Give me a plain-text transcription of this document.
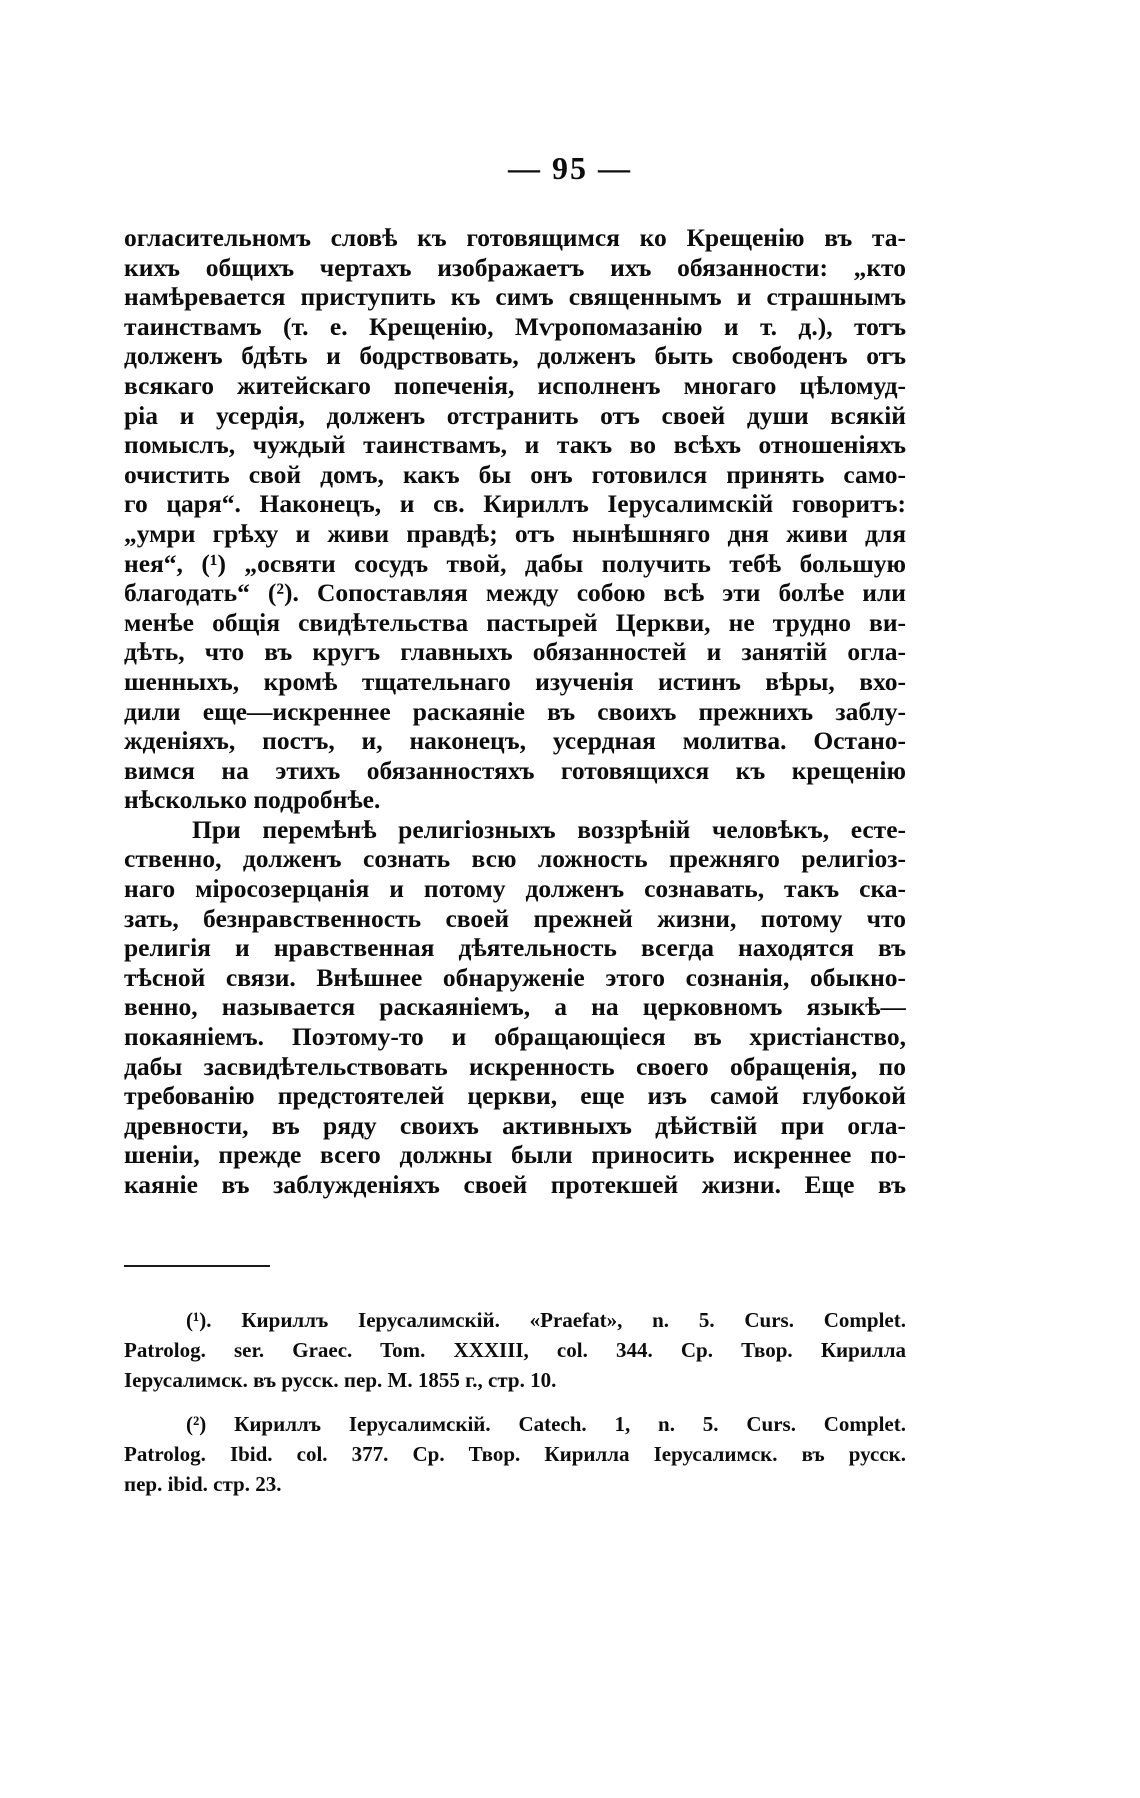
— 95 —
огласительномъ словѣ къ готовящимся ко Крещенію въ та-
кихъ общихъ чертахъ изображаетъ ихъ обязанности: „кто
намѣревается приступить къ симъ священнымъ и страшнымъ
таинствамъ (т. е. Крещенію, Мѵропомазанію и т. д.), тотъ
долженъ бдѣть и бодрствовать, долженъ быть свободенъ отъ
всякаго житейскаго попеченія, исполненъ многаго цѣломуд-
ріа и усердія, долженъ отстранить отъ своей души всякій
помыслъ, чуждый таинствамъ, и такъ во всѣхъ отношеніяхъ
очистить свой домъ, какъ бы онъ готовился принять само-
го царя“. Наконецъ, и св. Кириллъ Іерусалимскій говоритъ:
„умри грѣху и живи правдѣ; отъ нынѣшняго дня живи для
нея“, (¹) „освяти сосудъ твой, дабы получить тебѣ большую
благодать“ (²). Сопоставляя между собою всѣ эти болѣе или
менѣе общія свидѣтельства пастырей Церкви, не трудно ви-
дѣть, что въ кругъ главныхъ обязанностей и занятій огла-
шенныхъ, кромѣ тщательнаго изученія истинъ вѣры, вхо-
дили еще—искреннее раскаяніе въ своихъ прежнихъ заблу-
жденіяхъ, постъ, и, наконецъ, усердная молитва. Остано-
вимся на этихъ обязанностяхъ готовящихся къ крещенію
нѣсколько подробнѣе.
При перемѣнѣ религіозныхъ воззрѣній человѣкъ, есте-
ственно, долженъ сознать всю ложность прежняго религіоз-
наго міросозерцанія и потому долженъ сознавать, такъ ска-
зать, безнравственность своей прежней жизни, потому что
религія и нравственная дѣятельность всегда находятся въ
тѣсной связи. Внѣшнее обнаруженіе этого сознанія, обыкно-
венно, называется раскаяніемъ, а на церковномъ языкѣ—
покаяніемъ. Поэтому-то и обращающіеся въ христіанство,
дабы засвидѣтельствовать искренность своего обращенія, по
требованію предстоятелей церкви, еще изъ самой глубокой
древности, въ ряду своихъ активныхъ дѣйствій при огла-
шеніи, прежде всего должны были приносить искреннее по-
каяніе въ заблужденіяхъ своей протекшей жизни. Еще въ
(¹). Кириллъ Іерусалимскій. «Praefat», n. 5. Curs. Complet.
Patrolog. ser. Graec. Tom. XXXIII, col. 344. Ср. Твор. Кирилла
Іерусалимск. въ русск. пер. М. 1855 г., стр. 10.
(²) Кириллъ Іерусалимскій. Catech. 1, n. 5. Curs. Complet.
Patrolog. Ibid. col. 377. Ср. Твор. Кирилла Іерусалимск. въ русск.
пер. ibid. стр. 23.
